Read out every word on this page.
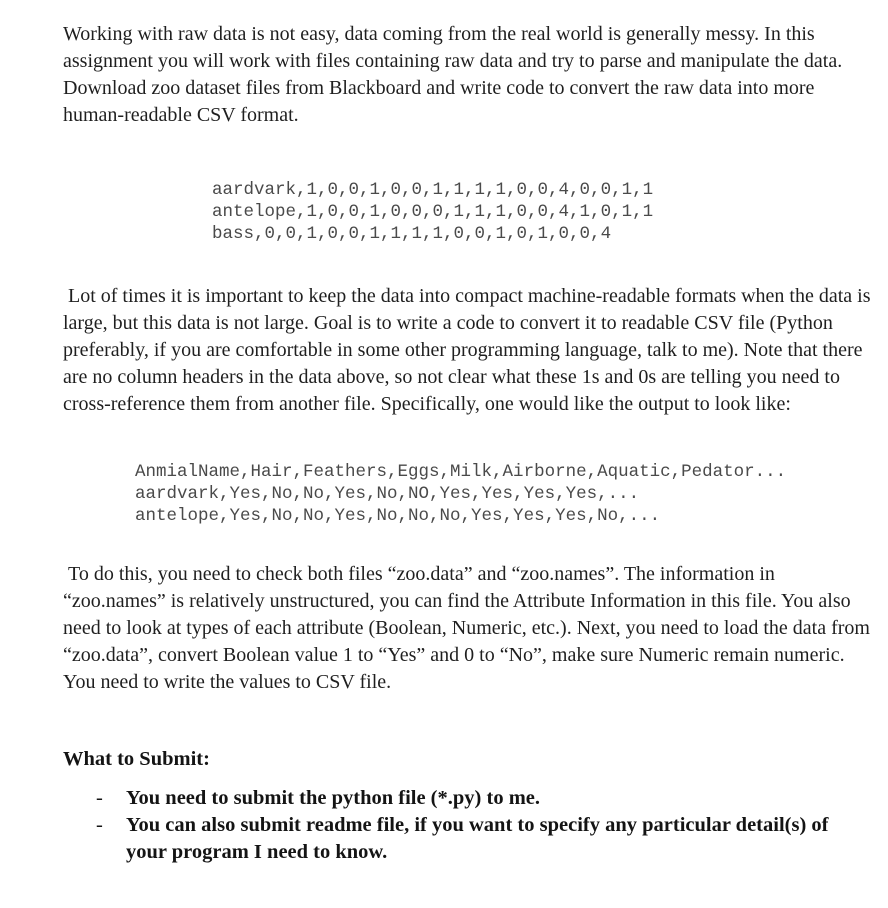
Working with raw data is not easy, data coming from the real world is generally messy. In this assignment you will work with files containing raw data and try to parse and manipulate the data. Download zoo dataset files from Blackboard and write code to convert the raw data into more human-readable CSV format.

aardvark,1,0,0,1,0,0,1,1,1,1,0,0,4,0,0,1,1
antelope,1,0,0,1,0,0,0,1,1,1,0,0,4,1,0,1,1
bass,0,0,1,0,0,1,1,1,1,0,0,1,0,1,0,0,4

Lot of times it is important to keep the data into compact machine-readable formats when the data is large, but this data is not large. Goal is to write a code to convert it to readable CSV file (Python preferably, if you are comfortable in some other programming language, talk to me). Note that there are no column headers in the data above, so not clear what these 1s and 0s are telling you need to cross-reference them from another file. Specifically, one would like the output to look like:

AnmialName,Hair,Feathers,Eggs,Milk,Airborne,Aquatic,Pedator...
aardvark,Yes,No,No,Yes,No,NO,Yes,Yes,Yes,Yes,...
antelope,Yes,No,No,Yes,No,No,No,Yes,Yes,Yes,No,...

To do this, you need to check both files “zoo.data” and “zoo.names”. The information in “zoo.names” is relatively unstructured, you can find the Attribute Information in this file. You also need to look at types of each attribute (Boolean, Numeric, etc.). Next, you need to load the data from “zoo.data”, convert Boolean value 1 to “Yes” and 0 to “No”, make sure Numeric remain numeric. You need to write the values to CSV file.

What to Submit:
-	You need to submit the python file (*.py) to me.
-	You can also submit readme file, if you want to specify any particular detail(s) of your program I need to know.
